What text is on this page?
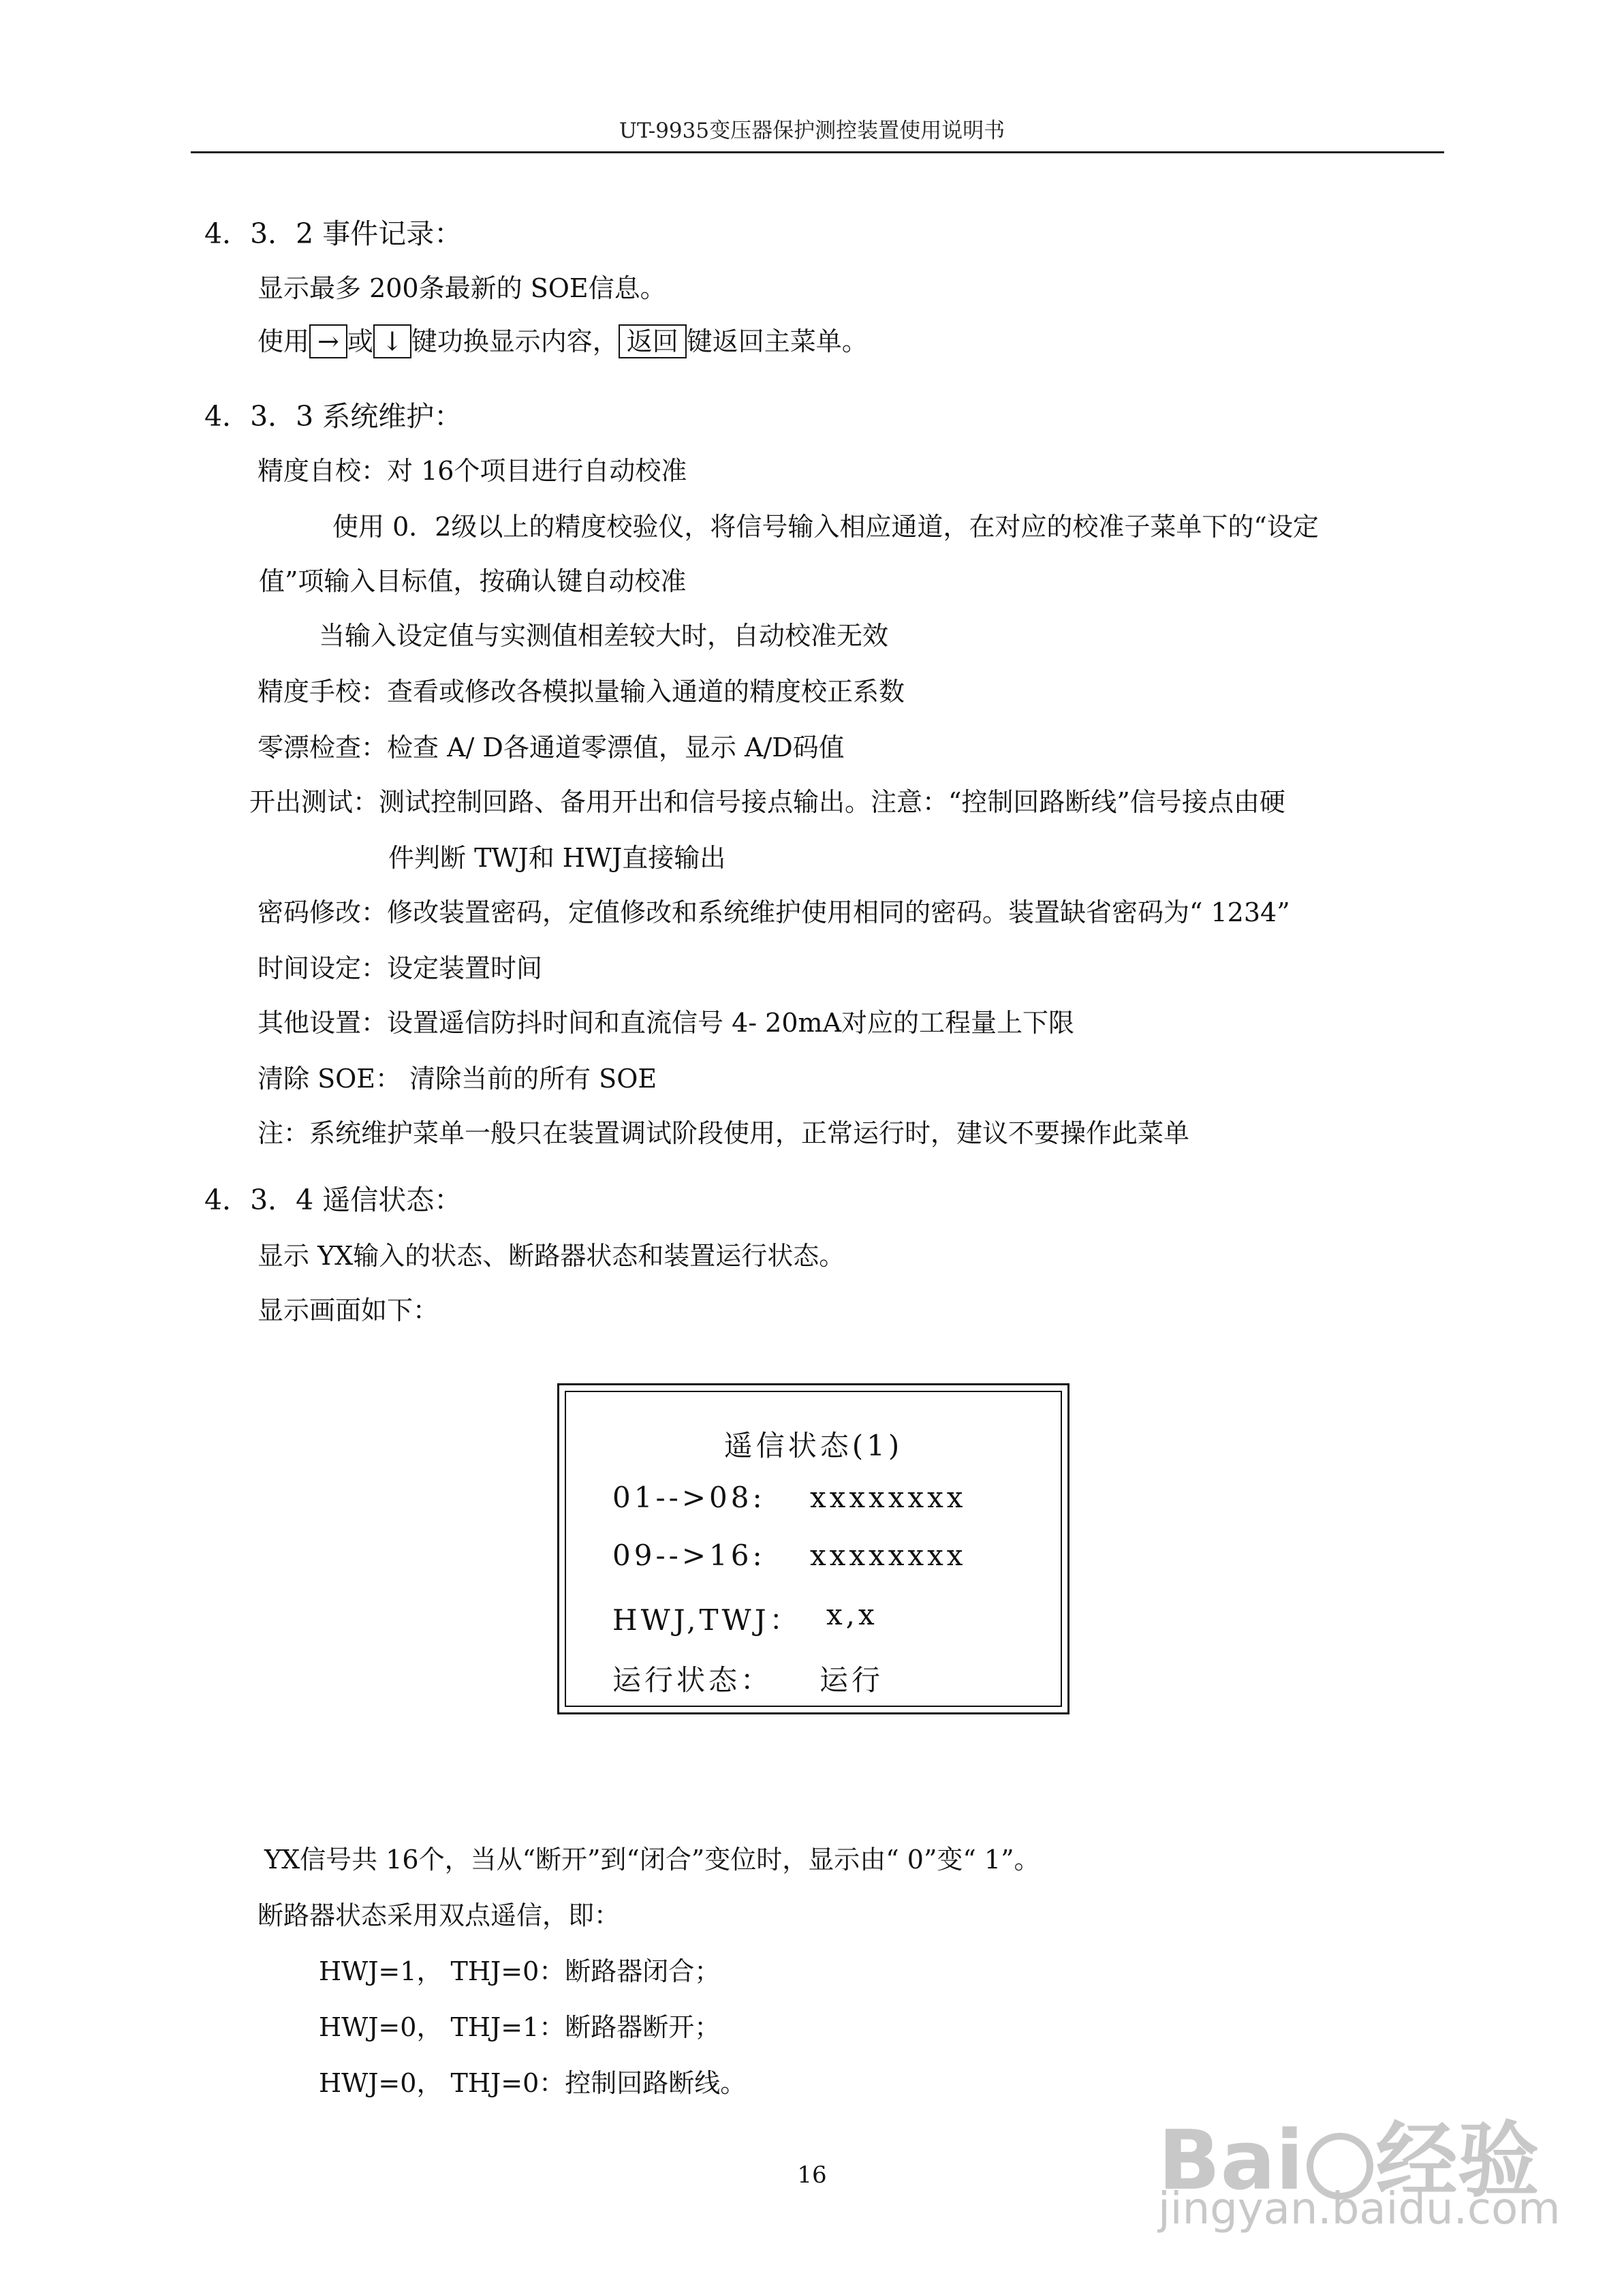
UT-9935变压器保护测控装置使用说明书
4．3．2 事件记录：
显示最多 200条最新的 SOE信息。
使用 → 或 ↓ 键功换显示内容， 返回 键返回主菜单。
4．3．3 系统维护：
精度自校：对 16个项目进行自动校准
使用 0．2级以上的精度校验仪，将信号输入相应通道，在对应的校准子菜单下的“设定
值”项输入目标值，按确认键自动校准
当输入设定值与实测值相差较大时，自动校准无效
精度手校：查看或修改各模拟量输入通道的精度校正系数
零漂检查：检查 A/ D各通道零漂值，显示 A/D码值
开出测试：测试控制回路、备用开出和信号接点输出。注意：“控制回路断线”信号接点由硬
件判断 TWJ和 HWJ直接输出
密码修改：修改装置密码，定值修改和系统维护使用相同的密码。装置缺省密码为“ 1234”
时间设定：设定装置时间
其他设置：设置遥信防抖时间和直流信号 4- 20mA对应的工程量上下限
清除 SOE： 清除当前的所有 SOE
注：系统维护菜单一般只在装置调试阶段使用，正常运行时，建议不要操作此菜单
4．3．4 遥信状态：
显示 YX输入的状态、断路器状态和装置运行状态。
显示画面如下：
遥信状态(1)
01-->08: xxxxxxxx
09-->16: xxxxxxxx
HWJ,TWJ： x,x
运行状态： 运行
YX信号共 16个，当从“断开”到“闭合”变位时，显示由“ 0”变“ 1”。
断路器状态采用双点遥信，即：
HWJ=1， THJ=0：断路器闭合；
HWJ=0， THJ=1：断路器断开；
HWJ=0， THJ=0：控制回路断线。
16	Bai 经验
jingyan.baidu.com
